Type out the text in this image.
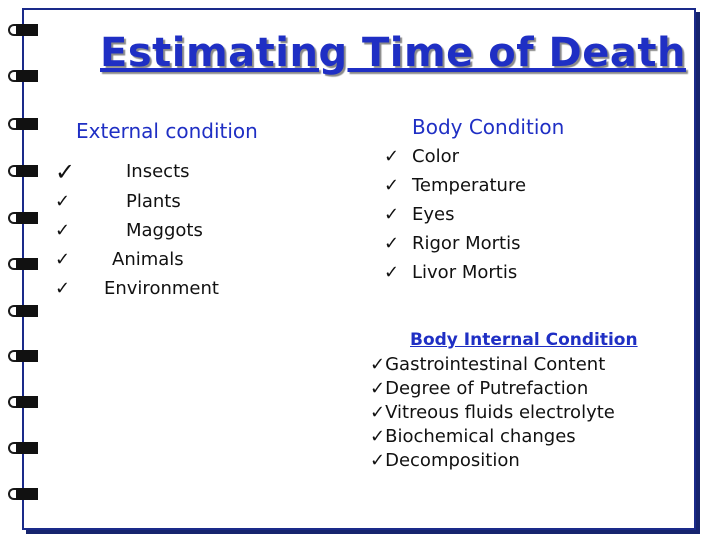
Estimating Time of Death
External condition
✓
✓
✓
✓
✓
Insects
Plants
Maggots
Animals
Environment
Body Condition
✓
✓
✓
✓
✓
Color
Temperature
Eyes
Rigor Mortis
Livor Mortis
Body Internal Condition
✓Gastrointestinal Content
✓Degree of Putrefaction
✓Vitreous fluids electrolyte
✓Biochemical changes
✓Decomposition
